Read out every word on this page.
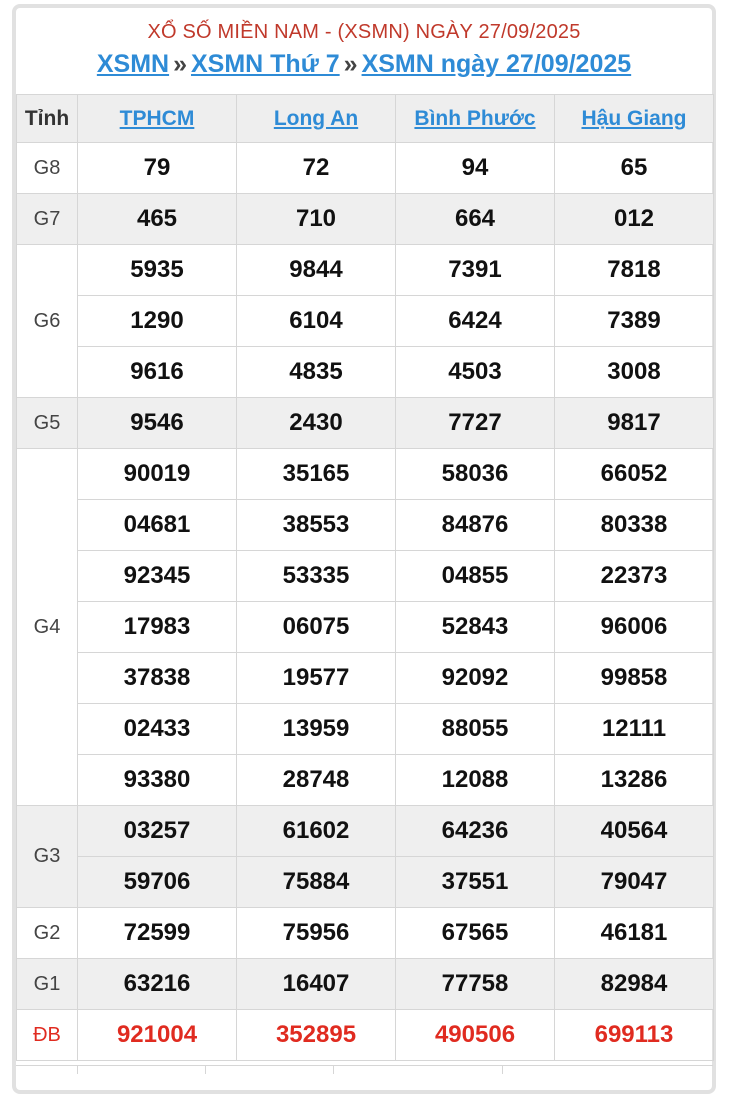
XỔ SỐ MIỀN NAM - (XSMN) NGÀY 27/09/2025
XSMN » XSMN Thứ 7 » XSMN ngày 27/09/2025
Tỉnh	TPHCM	Long An	Bình Phước	Hậu Giang
G8	79	72	94	65
G7	465	710	664	012
G6	5935	9844	7391	7818
	1290	6104	6424	7389
	9616	4835	4503	3008
G5	9546	2430	7727	9817
G4	90019	35165	58036	66052
	04681	38553	84876	80338
	92345	53335	04855	22373
	17983	06075	52843	96006
	37838	19577	92092	99858
	02433	13959	88055	12111
	93380	28748	12088	13286
G3	03257	61602	64236	40564
	59706	75884	37551	79047
G2	72599	75956	67565	46181
G1	63216	16407	77758	82984
ĐB	921004	352895	490506	699113
